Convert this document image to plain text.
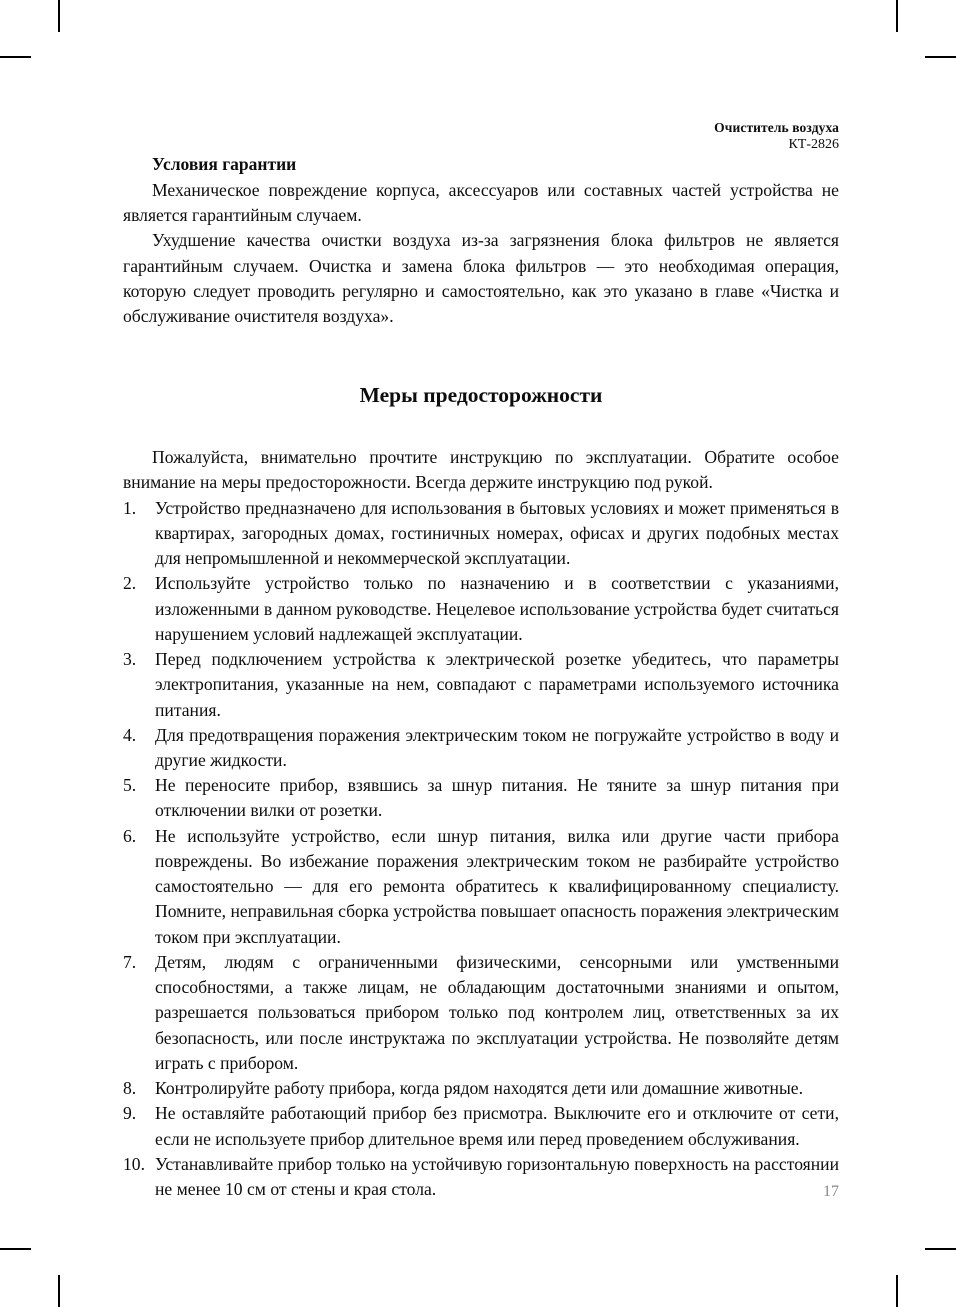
Очиститель воздуха
КТ-2826
Условия гарантии

Механическое повреждение корпуса, аксессуаров или составных частей устройства не является гарантийным случаем.

Ухудшение качества очистки воздуха из-за загрязнения блока фильтров не является гарантийным случаем. Очистка и замена блока фильтров — это необходимая операция, которую следует проводить регулярно и самостоятельно, как это указано в главе «Чистка и обслуживание очистителя воздуха».

Меры предосторожности

Пожалуйста, внимательно прочтите инструкцию по эксплуатации. Обратите особое внимание на меры предосторожности. Всегда держите инструкцию под рукой.

Устройство предназначено для использования в бытовых условиях и может применяться в квартирах, загородных домах, гостиничных номерах, офисах и других подобных местах для непромышленной и некоммерческой эксплуатации.
Используйте устройство только по назначению и в соответствии с указаниями, изложенными в данном руководстве. Нецелевое использование устройства будет считаться нарушением условий надлежащей эксплуатации.
Перед подключением устройства к электрической розетке убедитесь, что параметры электропитания, указанные на нем, совпадают с параметрами используемого источника питания.
Для предотвращения поражения электрическим током не погружайте устройство в воду и другие жидкости.
Не переносите прибор, взявшись за шнур питания. Не тяните за шнур питания при отключении вилки от розетки.
Не используйте устройство, если шнур питания, вилка или другие части прибора повреждены. Во избежание поражения электрическим током не разбирайте устройство самостоятельно — для его ремонта обратитесь к квалифицированному специалисту. Помните, неправильная сборка устройства повышает опасность поражения электрическим током при эксплуатации.
Детям, людям с ограниченными физическими, сенсорными или умственными способностями, а также лицам, не обладающим достаточными знаниями и опытом, разрешается пользоваться прибором только под контролем лиц, ответственных за их безопасность, или после инструктажа по эксплуатации устройства. Не позволяйте детям играть с прибором.
Контролируйте работу прибора, когда рядом находятся дети или домашние животные.
Не оставляйте работающий прибор без присмотра. Выключите его и отключите от сети, если не используете прибор длительное время или перед проведением обслуживания.
Устанавливайте прибор только на устойчивую горизонтальную поверхность на расстоянии не менее 10 см от стены и края стола.	17
